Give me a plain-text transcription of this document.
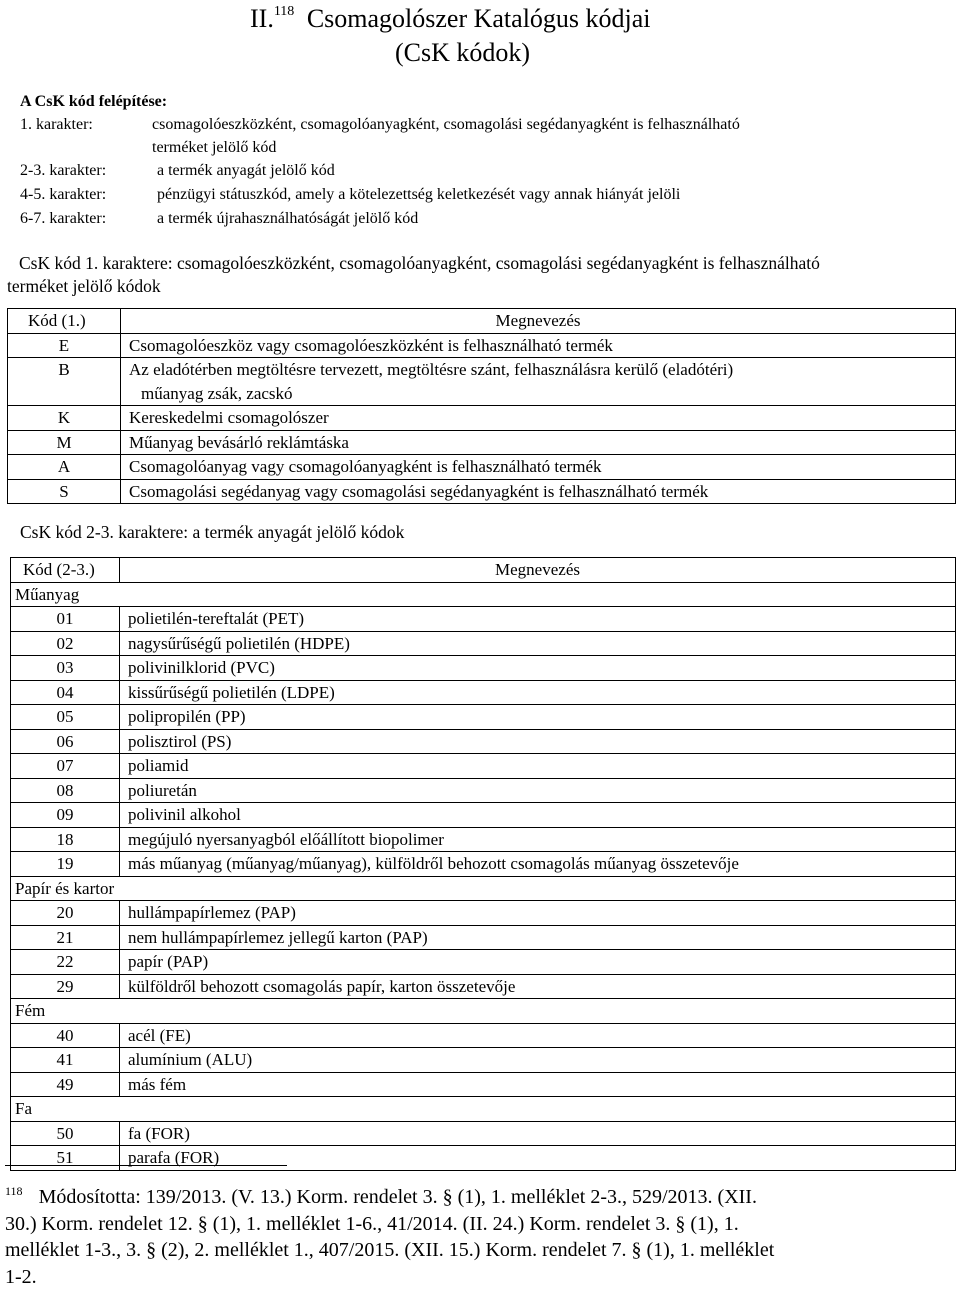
II.$^{118}$ Csomagolószer Katalógus kódjai
(CsK kódok)
A CsK kód felépítése:
1. karakter:	csomagolóeszközként, csomagolóanyagként, csomagolási segédanyagként is felhasználható
terméket jelölő kód
2-3. karakter:	a termék anyagát jelölő kód
4-5. karakter:	pénzügyi státuszkód, amely a kötelezettség keletkezését vagy annak hiányát jelöli
6-7. karakter:	a termék újrahasználhatóságát jelölő kód
CsK kód 1. karaktere: csomagolóeszközként, csomagolóanyagként, csomagolási segédanyagként is felhasználható
terméket jelölő kódok
Kód (1.)	Megnevezés
E	Csomagolóeszköz vagy csomagolóeszközként is felhasználható termék

B	Az eladótérben megtöltésre tervezett, megtöltésre szánt, felhasználásra kerülő (eladótéri)
műanyag zsák, zacskó

K	Kereskedelmi csomagolószer

M	Műanyag bevásárló reklámtáska

A	Csomagolóanyag vagy csomagolóanyagként is felhasználható termék

S	Csomagolási segédanyag vagy csomagolási segédanyagként is felhasználható termék
CsK kód 2-3. karaktere: a termék anyagát jelölő kódok
Kód (2-3.)	Megnevezés
Műanyag	
01	polietilén-tereftalát (PET)
02	nagysűrűségű polietilén (HDPE)
03	polivinilklorid (PVC)
04	kissűrűségű polietilén (LDPE)
05	polipropilén (PP)
06	polisztirol (PS)
07	poliamid
08	poliuretán
09	polivinil alkohol
18	megújuló nyersanyagból előállított biopolimer
19	más műanyag (műanyag/műanyag), külföldről behozott csomagolás műanyag összetevője
Papír és kartor	
20	hullámpapírlemez (PAP)
21	nem hullámpapírlemez jellegű karton (PAP)
22	papír (PAP)
29	külföldről behozott csomagolás papír, karton összetevője
Fém	
40	acél (FE)
41	alumínium (ALU)
49	más fém
Fa	
50	fa (FOR)
51	parafa (FOR)
$^{118}$ Módosította: 139/2013. (V. 13.) Korm. rendelet 3. § (1), 1. melléklet 2-3., 529/2013. (XII.
30.) Korm. rendelet 12. § (1), 1. melléklet 1-6., 41/2014. (II. 24.) Korm. rendelet 3. § (1), 1.
melléklet 1-3., 3. § (2), 2. melléklet 1., 407/2015. (XII. 15.) Korm. rendelet 7. § (1), 1. melléklet
1-2.
